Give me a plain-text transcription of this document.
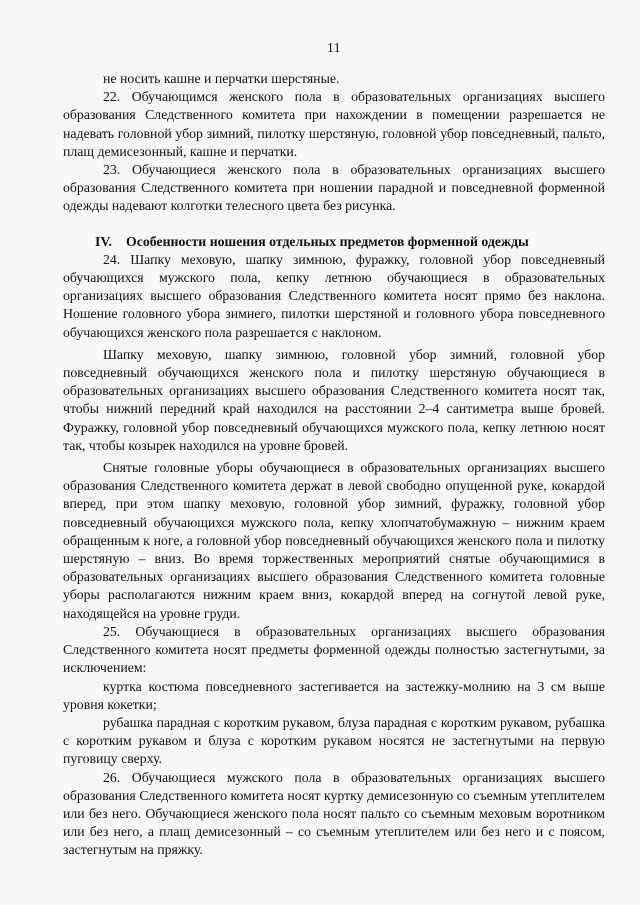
11

не носить кашне и перчатки шерстяные.

22. Обучающимся женского пола в образовательных организациях высшего образования Следственного комитета при нахождении в помещении разрешается не надевать головной убор зимний, пилотку шерстяную, головной убор повседневный, пальто, плащ демисезонный, кашне и перчатки.

23. Обучающиеся женского пола в образовательных организациях высшего образования Следственного комитета при ношении парадной и повседневной форменной одежды надевают колготки телесного цвета без рисунка.

IV. Особенности ношения отдельных предметов форменной одежды

24. Шапку меховую, шапку зимнюю, фуражку, головной убор повседневный обучающихся мужского пола, кепку летнюю обучающиеся в образовательных организациях высшего образования Следственного комитета носят прямо без наклона. Ношение головного убора зимнего, пилотки шерстяной и головного убора повседневного обучающихся женского пола разрешается с наклоном.

Шапку меховую, шапку зимнюю, головной убор зимний, головной убор повседневный обучающихся женского пола и пилотку шерстяную обучающиеся в образовательных организациях высшего образования Следственного комитета носят так, чтобы нижний передний край находился на расстоянии 2–4 сантиметра выше бровей. Фуражку, головной убор повседневный обучающихся мужского пола, кепку летнюю носят так, чтобы козырек находился на уровне бровей.

Снятые головные уборы обучающиеся в образовательных организациях высшего образования Следственного комитета держат в левой свободно опущенной руке, кокардой вперед, при этом шапку меховую, головной убор зимний, фуражку, головной убор повседневный обучающихся мужского пола, кепку хлопчатобумажную – нижним краем обращенным к ноге, а головной убор повседневный обучающихся женского пола и пилотку шерстяную – вниз. Во время торжественных мероприятий снятые обучающимися в образовательных организациях высшего образования Следственного комитета головные уборы располагаются нижним краем вниз, кокардой вперед на согнутой левой руке, находящейся на уровне груди.

25. Обучающиеся в образовательных организациях высшего образования Следственного комитета носят предметы форменной одежды полностью застегнутыми, за исключением:

куртка костюма повседневного застегивается на застежку-молнию на 3 см выше уровня кокетки;

рубашка парадная с коротким рукавом, блуза парадная с коротким рукавом, рубашка с коротким рукавом и блуза с коротким рукавом носятся не застегнутыми на первую пуговицу сверху.

26. Обучающиеся мужского пола в образовательных организациях высшего образования Следственного комитета носят куртку демисезонную со съемным утеплителем или без него. Обучающиеся женского пола носят пальто со съемным меховым воротником или без него, а плащ демисезонный – со съемным утеплителем или без него и с поясом, застегнутым на пряжку.
